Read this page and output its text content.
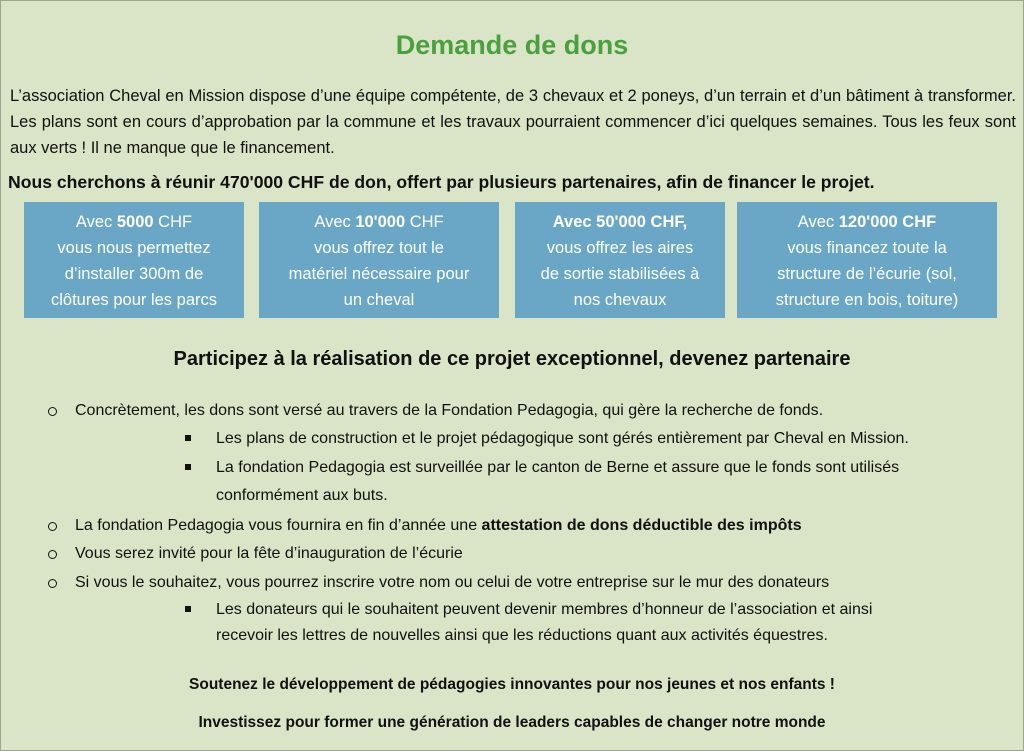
Demande de dons
L’association Cheval en Mission dispose d’une équipe compétente, de 3 chevaux et 2 poneys, d’un terrain et d’un bâtiment à transformer. Les plans sont en cours d’approbation par la commune et les travaux pourraient commencer d’ici quelques semaines. Tous les feux sont aux verts ! Il ne manque que le financement.
Nous cherchons à réunir 470'000 CHF de don, offert par plusieurs partenaires, afin de financer le projet.
Avec 5000 CHF
vous nous permettez
d’installer 300m de
clôtures pour les parcs
Avec 10'000 CHF
vous offrez tout le
matériel nécessaire pour
un cheval
Avec 50'000 CHF,
vous offrez les aires
de sortie stabilisées à
nos chevaux
Avec 120'000 CHF
vous financez toute la
structure de l’écurie (sol,
structure en bois, toiture)
Participez à la réalisation de ce projet exceptionnel, devenez partenaire
Concrètement, les dons sont versé au travers de la Fondation Pedagogia, qui gère la recherche de fonds.
Les plans de construction et le projet pédagogique sont gérés entièrement par Cheval en Mission.
La fondation Pedagogia est surveillée par le canton de Berne et assure que le fonds sont utilisés
conformément aux buts.
La fondation Pedagogia vous fournira en fin d’année une attestation de dons déductible des impôts
Vous serez invité pour la fête d’inauguration de l’écurie
Si vous le souhaitez, vous pourrez inscrire votre nom ou celui de votre entreprise sur le mur des donateurs
Les donateurs qui le souhaitent peuvent devenir membres d’honneur de l’association et ainsi
recevoir les lettres de nouvelles ainsi que les réductions quant aux activités équestres.
Soutenez le développement de pédagogies innovantes pour nos jeunes et nos enfants !
Investissez pour former une génération de leaders capables de changer notre monde
